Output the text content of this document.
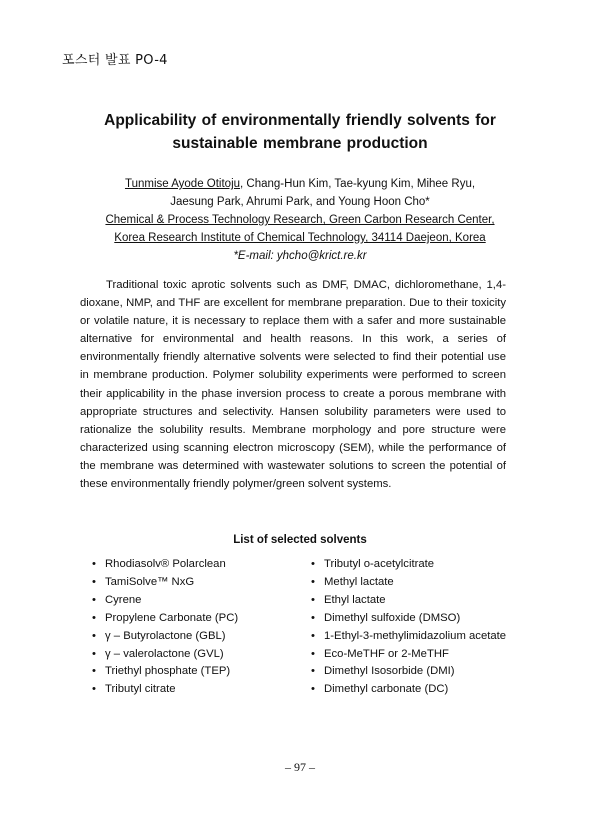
포스터 발표 PO-4
Applicability of environmentally friendly solvents for
sustainable membrane production
Tunmise Ayode Otitoju, Chang-Hun Kim, Tae-kyung Kim, Mihee Ryu,
Jaesung Park, Ahrumi Park, and Young Hoon Cho*
Chemical & Process Technology Research, Green Carbon Research Center,
Korea Research Institute of Chemical Technology, 34114 Daejeon, Korea
*E-mail: yhcho@krict.re.kr

Traditional toxic aprotic solvents such as DMF, DMAC, dichloromethane, 1,4-dioxane, NMP, and THF are excellent for membrane preparation. Due to their toxicity or volatile nature, it is necessary to replace them with a safer and more sustainable alternative for environmental and health reasons. In this work, a series of environmentally friendly alternative solvents were selected to find their potential use in membrane production. Polymer solubility experiments were performed to screen their applicability in the phase inversion process to create a porous membrane with appropriate structures and selectivity. Hansen solubility parameters were used to rationalize the solubility results. Membrane morphology and pore structure were characterized using scanning electron microscopy (SEM), while the performance of the membrane was determined with wastewater solutions to screen the potential of these environmentally friendly polymer/green solvent systems.

List of selected solvents
• Rhodiasolv® Polarclean
• TamiSolve™ NxG
• Cyrene
• Propylene Carbonate (PC)
• γ – Butyrolactone (GBL)
• γ – valerolactone (GVL)
• Triethyl phosphate (TEP)
• Tributyl citrate
• Tributyl o-acetylcitrate
• Methyl lactate
• Ethyl lactate
• Dimethyl sulfoxide (DMSO)
• 1-Ethyl-3-methylimidazolium acetate
• Eco-MeTHF or 2-MeTHF
• Dimethyl Isosorbide (DMI)
• Dimethyl carbonate (DC)
– 97 –
